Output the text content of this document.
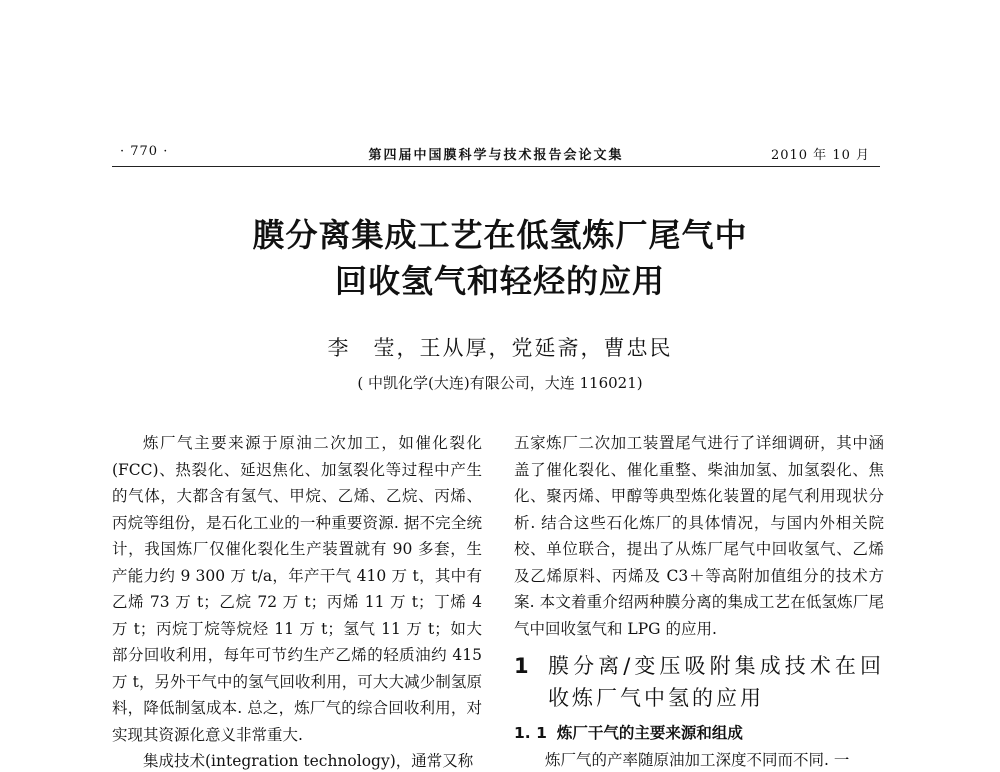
· 770 ·	第四届中国膜科学与技术报告会论文集	2010 年 10 月
膜分离集成工艺在低氢炼厂尾气中
回收氢气和轻烃的应用
李　莹，王从厚，党延斋，曹忠民
( 中凯化学(大连)有限公司，大连 116021)

炼厂气主要来源于原油二次加工，如催化裂化(FCC)、热裂化、延迟焦化、加氢裂化等过程中产生的气体，大都含有氢气、甲烷、乙烯、乙烷、丙烯、丙烷等组份，是石化工业的一种重要资源. 据不完全统计，我国炼厂仅催化裂化生产装置就有 90 多套，生产能力约 9 300 万 t/a，年产干气 410 万 t，其中有乙烯 73 万 t；乙烷 72 万 t；丙烯 11 万 t；丁烯 4 万 t；丙烷丁烷等烷烃 11 万 t；氢气 11 万 t；如大部分回收利用，每年可节约生产乙烯的轻质油约 415 万 t，另外干气中的氢气回收利用，可大大减少制氢原料，降低制氢成本. 总之，炼厂气的综合回收利用，对实现其资源化意义非常重大.

集成技术(integration technology)，通常又称

五家炼厂二次加工装置尾气进行了详细调研，其中涵盖了催化裂化、催化重整、柴油加氢、加氢裂化、焦化、聚丙烯、甲醇等典型炼化装置的尾气利用现状分析. 结合这些石化炼厂的具体情况，与国内外相关院校、单位联合，提出了从炼厂尾气中回收氢气、乙烯及乙烯原料、丙烯及 C3＋等高附加值组分的技术方案. 本文着重介绍两种膜分离的集成工艺在低氢炼厂尾气中回收氢气和 LPG 的应用.

1 膜分离/变压吸附集成技术在回收炼厂气中氢的应用
1. 1 炼厂干气的主要来源和组成

炼厂气的产率随原油加工深度不同而不同. 一
